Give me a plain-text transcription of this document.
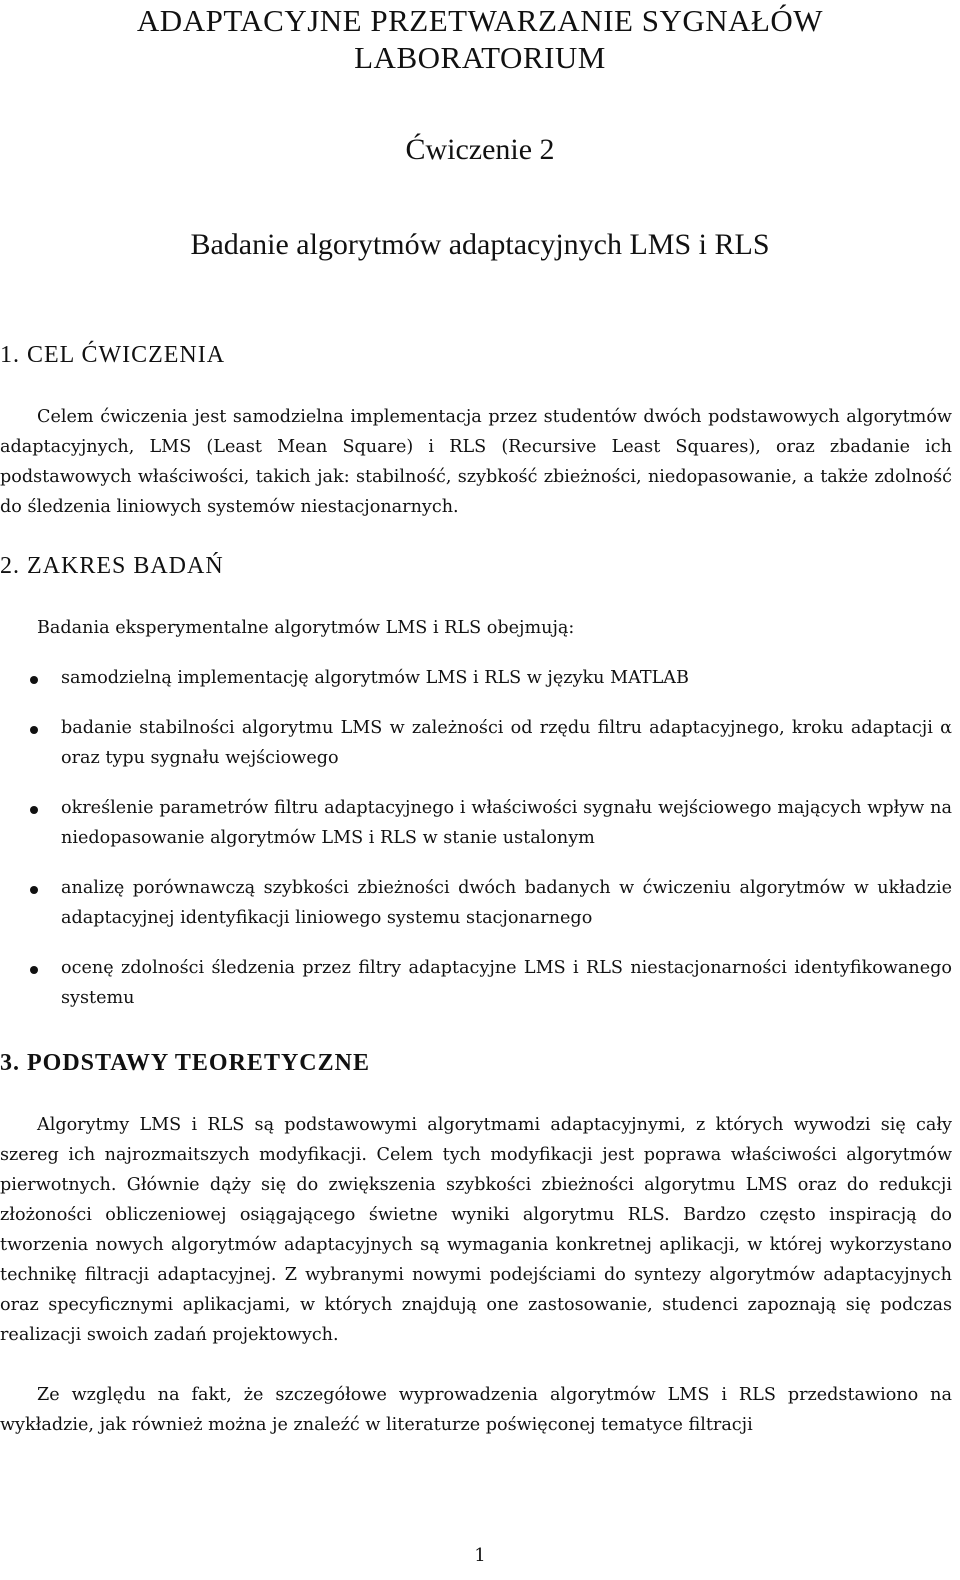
ADAPTACYJNE PRZETWARZANIE SYGNAŁÓW
LABORATORIUM
Ćwiczenie 2
Badanie algorytmów adaptacyjnych LMS i RLS
1. CEL ĆWICZENIA
Celem ćwiczenia jest samodzielna implementacja przez studentów dwóch podstawowych algorytmów adaptacyjnych, LMS (Least Mean Square) i RLS (Recursive Least Squares), oraz zbadanie ich podstawowych właściwości, takich jak: stabilność, szybkość zbieżności, niedopasowanie, a także zdolność do śledzenia liniowych systemów niestacjonarnych.
2. ZAKRES BADAŃ
Badania eksperymentalne algorytmów LMS i RLS obejmują:
samodzielną implementację algorytmów LMS i RLS w języku MATLAB
badanie stabilności algorytmu LMS w zależności od rzędu filtru adaptacyjnego, kroku adaptacji α oraz typu sygnału wejściowego
określenie parametrów filtru adaptacyjnego i właściwości sygnału wejściowego mających wpływ na niedopasowanie algorytmów LMS i RLS w stanie ustalonym
analizę porównawczą szybkości zbieżności dwóch badanych w ćwiczeniu algorytmów w układzie adaptacyjnej identyfikacji liniowego systemu stacjonarnego
ocenę zdolności śledzenia przez filtry adaptacyjne LMS i RLS niestacjonarności identyfikowanego systemu
3. PODSTAWY TEORETYCZNE
Algorytmy LMS i RLS są podstawowymi algorytmami adaptacyjnymi, z których wywodzi się cały szereg ich najrozmaitszych modyfikacji. Celem tych modyfikacji jest poprawa właściwości algorytmów pierwotnych. Głównie dąży się do zwiększenia szybkości zbieżności algorytmu LMS oraz do redukcji złożoności obliczeniowej osiągającego świetne wyniki algorytmu RLS. Bardzo często inspiracją do tworzenia nowych algorytmów adaptacyjnych są wymagania konkretnej aplikacji, w której wykorzystano technikę filtracji adaptacyjnej. Z wybranymi nowymi podejściami do syntezy algorytmów adaptacyjnych oraz specyficznymi aplikacjami, w których znajdują one zastosowanie, studenci zapoznają się podczas realizacji swoich zadań projektowych.
Ze względu na fakt, że szczegółowe wyprowadzenia algorytmów LMS i RLS przedstawiono na wykładzie, jak również można je znaleźć w literaturze poświęconej tematyce filtracji
1
